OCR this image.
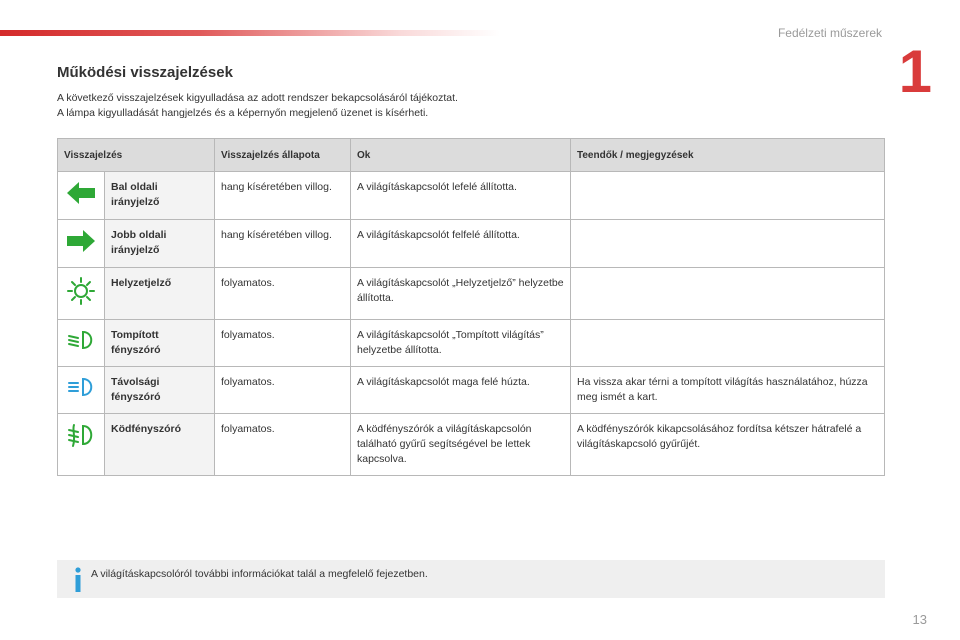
Fedélzeti műszerek
1
Működési visszajelzések
A következő visszajelzések kigyulladása az adott rendszer bekapcsolásáról tájékoztat.
A lámpa kigyulladását hangjelzés és a képernyőn megjelenő üzenet is kísérheti.
Visszajelzés		Visszajelzés állapota	Ok	Teendők / megjegyzések
	Bal oldali irányjelző	hang kíséretében villog.	A világításkapcsolót lefelé állította.	
	Jobb oldali irányjelző	hang kíséretében villog.	A világításkapcsolót felfelé állította.	
	Helyzetjelző	folyamatos.	A világításkapcsolót „Helyzetjelző” helyzetbe állította.	
	Tompított fényszóró	folyamatos.	A világításkapcsolót „Tompított világítás” helyzetbe állította.	
	Távolsági fényszóró	folyamatos.	A világításkapcsolót maga felé húzta.	Ha vissza akar térni a tompított világítás használatához, húzza meg ismét a kart.
	Ködfényszóró	folyamatos.	A ködfényszórók a világításkapcsolón található gyűrű segítségével be lettek kapcsolva.	A ködfényszórók kikapcsolásához fordítsa kétszer hátrafelé a világításkapcsoló gyűrűjét.
A világításkapcsolóról további információkat talál a megfelelő fejezetben.
13
